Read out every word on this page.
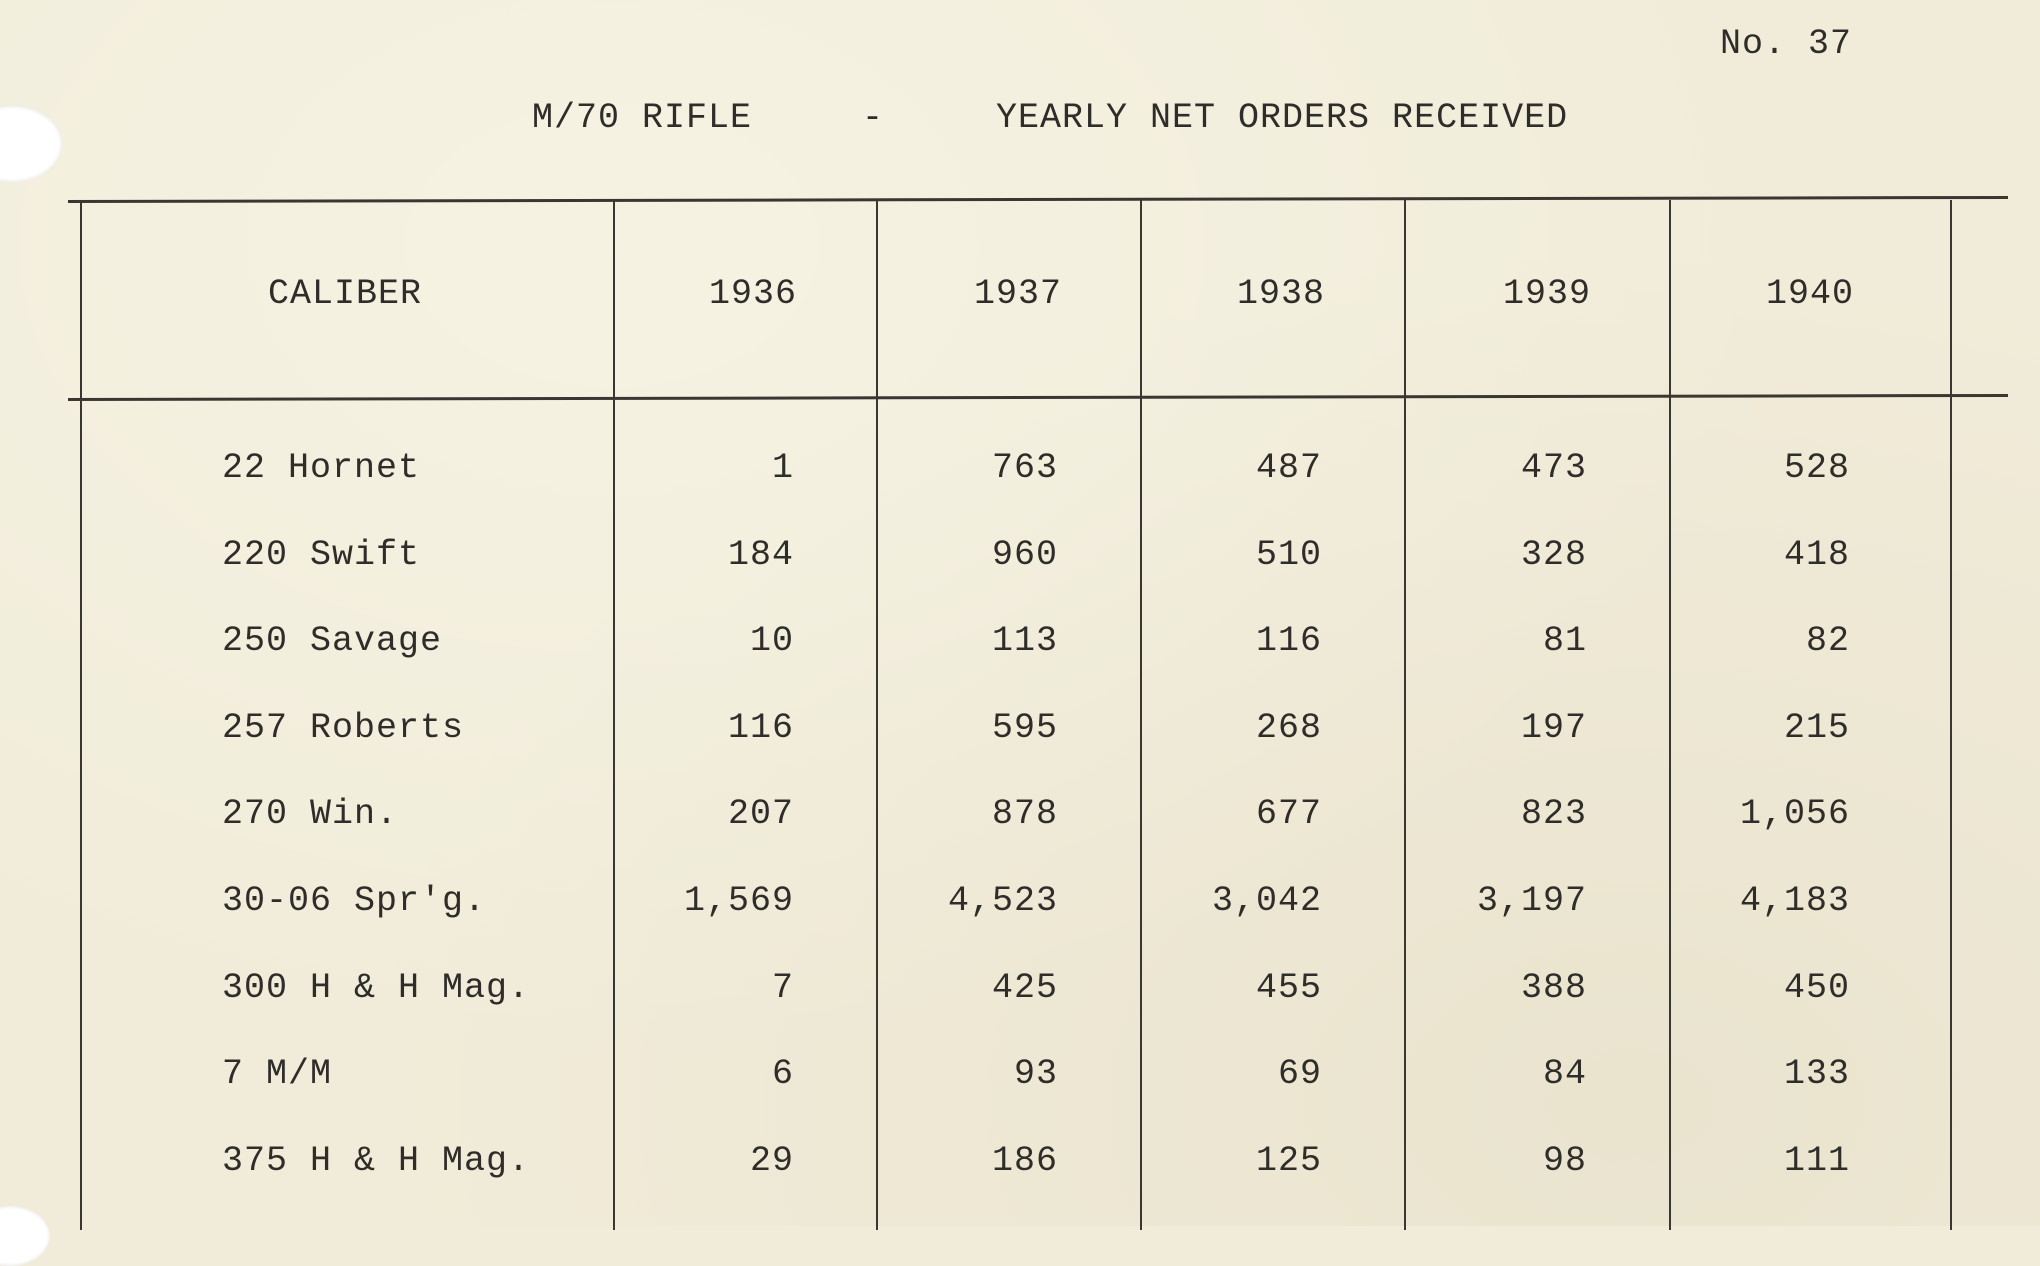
No. 37
M/70 RIFLE	-	YEARLY NET ORDERS RECEIVED
CALIBER	1936	1937	1938	1939	1940
22 Hornet	1	763	487	473	528
220 Swift	184	960	510	328	418
250 Savage	10	113	116	81	82
257 Roberts	116	595	268	197	215
270 Win.	207	878	677	823	1,056
30-06 Spr'g.	1,569	4,523	3,042	3,197	4,183
300 H & H Mag.	7	425	455	388	450
7 M/M	6	93	69	84	133
375 H & H Mag.	29	186	125	98	111
